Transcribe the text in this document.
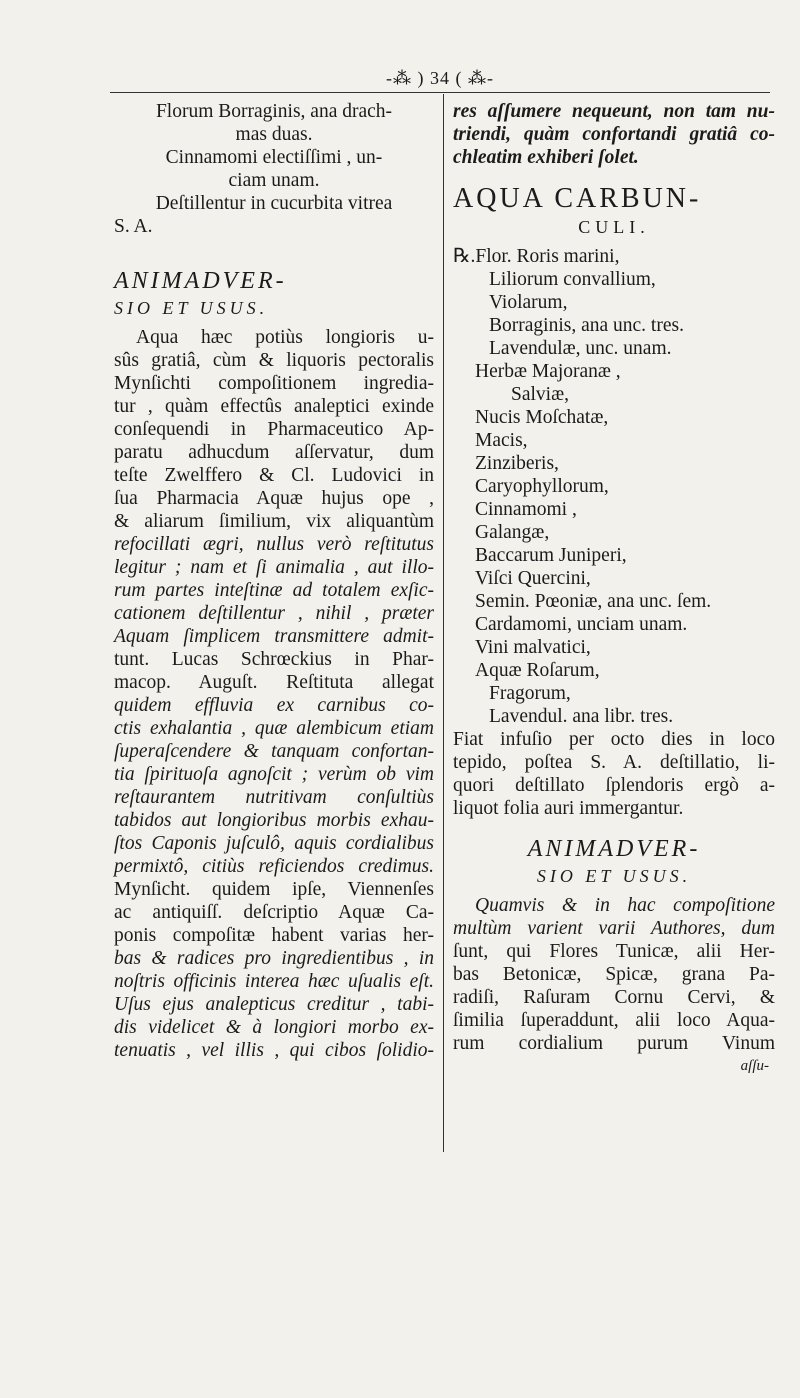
-⁂ ) 34 ( ⁂-
Florum Borraginis, ana drach-
mas duas.
Cinnamomi electiſſimi , un-
ciam unam.
Deſtillentur in cucurbita vitrea
S. A.
ANIMADVER-
SIO ET USUS.
Aqua hæc potiùs longioris u-
sûs gratiâ, cùm & liquoris pectoralis
Mynſichti compoſitionem ingredia-
tur , quàm effectûs analeptici exinde
conſequendi in Pharmaceutico Ap-
paratu adhucdum aſſervatur, dum
teſte Zwelffero & Cl. Ludovici in
ſua Pharmacia Aquæ hujus ope ,
& aliarum ſimilium, vix aliquantùm
refocillati ægri, nullus verò reſtitutus
legitur ; nam et ſi animalia , aut illo-
rum partes inteſtinæ ad totalem exſic-
cationem deſtillentur , nihil , præter
Aquam ſimplicem transmittere admit-
tunt. Lucas Schrœckius in Phar-
macop. Auguſt. Reſtituta allegat
quidem effluvia ex carnibus co-
ctis exhalantia , quæ alembicum etiam
ſuperaſcendere & tanquam confortan-
tia ſpirituoſa agnoſcit ; verùm ob vim
reſtaurantem nutritivam conſultiùs
tabidos aut longioribus morbis exhau-
ſtos Caponis juſculô, aquis cordialibus
permixtô, citiùs reficiendos credimus.
Mynſicht. quidem ipſe, Viennenſes
ac antiquiſſ. deſcriptio Aquæ Ca-
ponis compoſitæ habent varias her-
bas & radices pro ingredientibus , in
noſtris officinis interea hæc uſualis eſt.
Uſus ejus analepticus creditur , tabi-
dis videlicet & à longiori morbo ex-
tenuatis , vel illis , qui cibos ſolidio-
res aſſumere nequeunt, non tam nu-
triendi, quàm confortandi gratiâ co-
chleatim exhiberi ſolet.
AQUA CARBUN-
CULI.
℞.Flor. Roris marini,
Liliorum convallium,
Violarum,
Borraginis, ana unc. tres.
Lavendulæ, unc. unam.
Herbæ Majoranæ ,
Salviæ,
Nucis Moſchatæ,
Macis,
Zinziberis,
Caryophyllorum,
Cinnamomi ,
Galangæ,
Baccarum Juniperi,
Viſci Quercini,
Semin. Pœoniæ, ana unc. ſem.
Cardamomi, unciam unam.
Vini malvatici,
Aquæ Roſarum,
Fragorum,
Lavendul. ana libr. tres.
Fiat infuſio per octo dies in loco
tepido, poſtea S. A. deſtillatio, li-
quori deſtillato ſplendoris ergò a-
liquot folia auri immergantur.
ANIMADVER-
SIO ET USUS.
Quamvis & in hac compoſitione
multùm varient varii Authores, dum
ſunt, qui Flores Tunicæ, alii Her-
bas Betonicæ, Spicæ, grana Pa-
radiſi, Raſuram Cornu Cervi, &
ſimilia ſuperaddunt, alii loco Aqua-
rum cordialium purum Vinum
aſſu-
